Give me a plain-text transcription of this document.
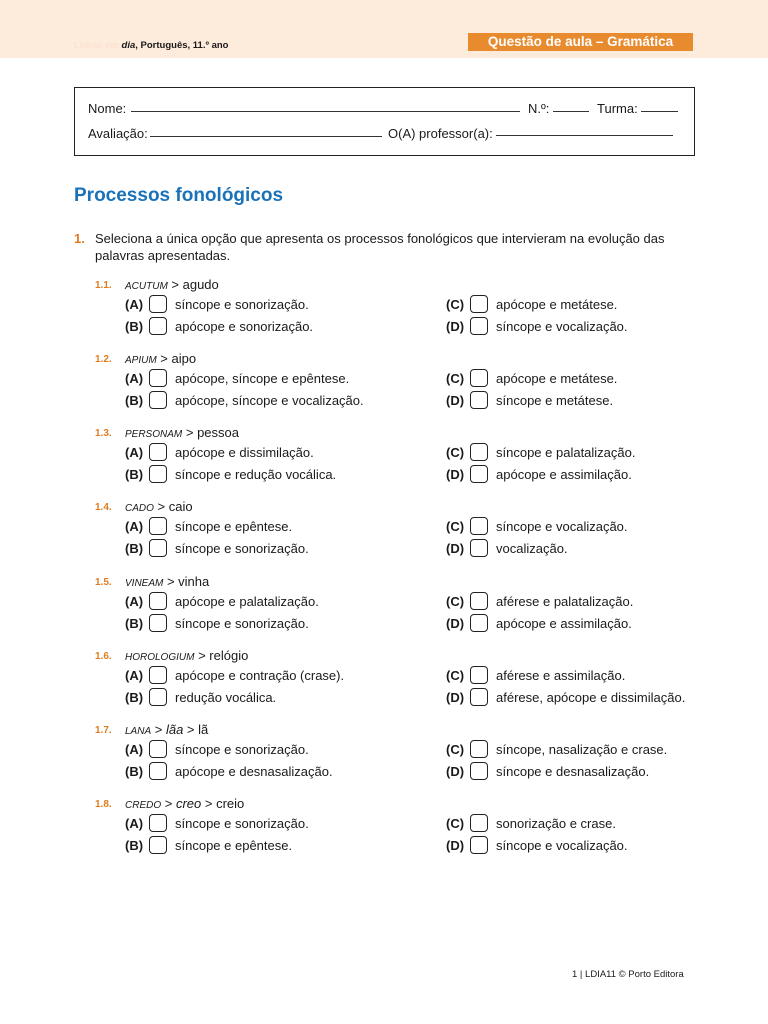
Letras em dia, Português, 11.º ano	Questão de aula – Gramática
Nome:	N.º:	Turma:
Avaliação:	O(A) professor(a):
Processos fonológicos
1. Seleciona a única opção que apresenta os processos fonológicos que intervieram na evolução das palavras apresentadas.
1.1. ACUTUM > agudo
(A) síncope e sonorização.
(B) apócope e sonorização.
(C) apócope e metátese.
(D) síncope e vocalização.
1.2. APIUM > aipo
(A) apócope, síncope e epêntese.
(B) apócope, síncope e vocalização.
(C) apócope e metátese.
(D) síncope e metátese.
1.3. PERSONAM > pessoa
(A) apócope e dissimilação.
(B) síncope e redução vocálica.
(C) síncope e palatalização.
(D) apócope e assimilação.
1.4. CADO > caio
(A) síncope e epêntese.
(B) síncope e sonorização.
(C) síncope e vocalização.
(D) vocalização.
1.5. VINEAM > vinha
(A) apócope e palatalização.
(B) síncope e sonorização.
(C) aférese e palatalização.
(D) apócope e assimilação.
1.6. HOROLOGIUM > relógio
(A) apócope e contração (crase).
(B) redução vocálica.
(C) aférese e assimilação.
(D) aférese, apócope e dissimilação.
1.7. LANA > lãa > lã
(A) síncope e sonorização.
(B) apócope e desnasalização.
(C) síncope, nasalização e crase.
(D) síncope e desnasalização.
1.8. CREDO > creo > creio
(A) síncope e sonorização.
(B) síncope e epêntese.
(C) sonorização e crase.
(D) síncope e vocalização.
1 | LDIA11 © Porto Editora
